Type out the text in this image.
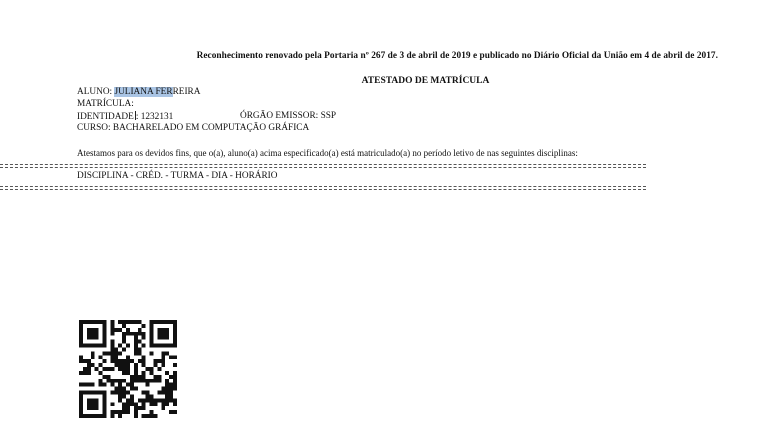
Reconhecimento renovado pela Portaria nº 267 de 3 de abril de 2019 e publicado no Diário Oficial da União em 4 de abril de 2017.
ATESTADO DE MATRÍCULA
ALUNO: JULIANA FERREIRA
MATRÍCULA:
IDENTIDADE : 1232131	ÓRGÃO EMISSOR: SSP
CURSO: BACHARELADO EM COMPUTAÇÃO GRÁFICA
Atestamos para os devidos fins, que o(a), aluno(a) acima especificado(a) está matriculado(a) no período letivo de nas seguintes disciplinas:
DISCIPLINA - CRÉD. - TURMA - DIA - HORÁRIO
